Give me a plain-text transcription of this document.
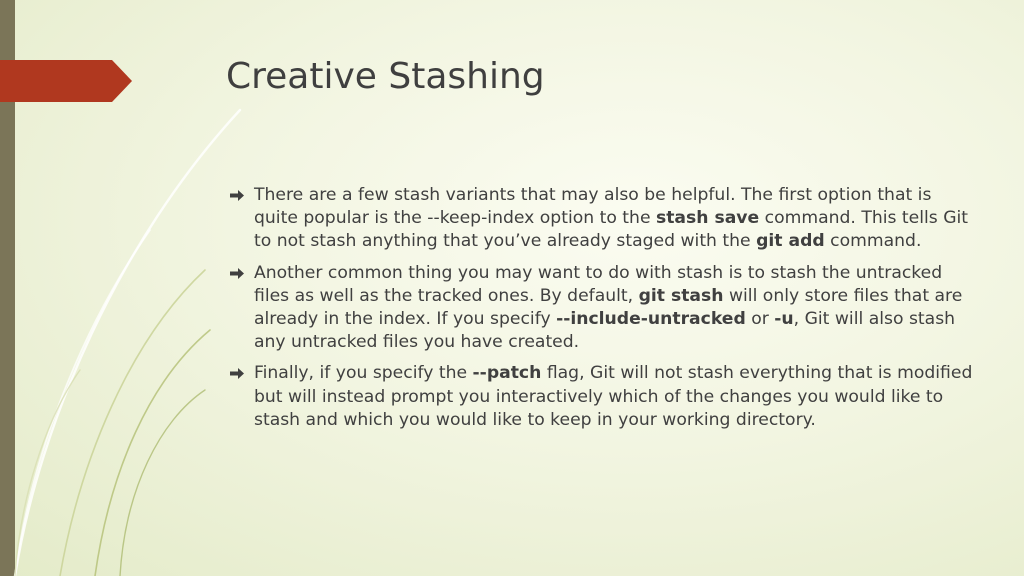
Creative Stashing
There are a few stash variants that may also be helpful. The first option that is quite popular is the --keep-index option to the stash save command. This tells Git to not stash anything that you’ve already staged with the git add command.
Another common thing you may want to do with stash is to stash the untracked files as well as the tracked ones. By default, git stash will only store files that are already in the index. If you specify --include-untracked or -u, Git will also stash any untracked files you have created.
Finally, if you specify the --patch flag, Git will not stash everything that is modified but will instead prompt you interactively which of the changes you would like to stash and which you would like to keep in your working directory.
